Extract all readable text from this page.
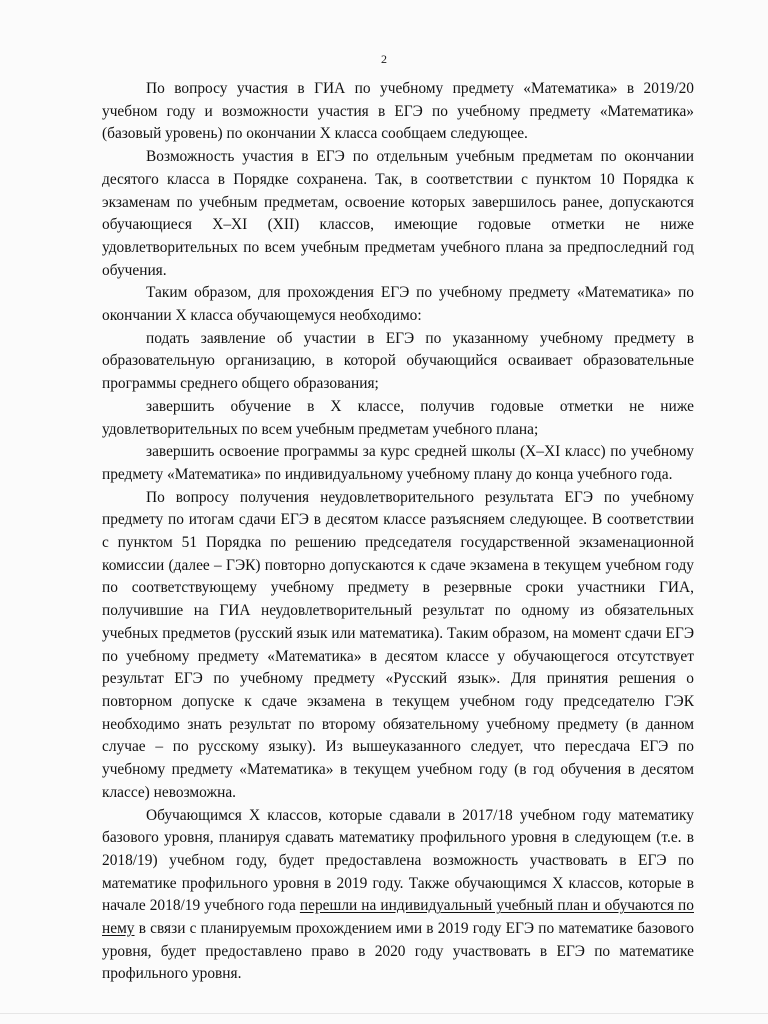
2

По вопросу участия в ГИА по учебному предмету «Математика» в 2019/20 учебном году и возможности участия в ЕГЭ по учебному предмету «Математика» (базовый уровень) по окончании X класса сообщаем следующее.

Возможность участия в ЕГЭ по отдельным учебным предметам по окончании десятого класса в Порядке сохранена. Так, в соответствии с пунктом 10 Порядка к экзаменам по учебным предметам, освоение которых завершилось ранее, допускаются обучающиеся X–XI (XII) классов, имеющие годовые отметки не ниже удовлетворительных по всем учебным предметам учебного плана за предпоследний год обучения.

Таким образом, для прохождения ЕГЭ по учебному предмету «Математика» по окончании X класса обучающемуся необходимо:

подать заявление об участии в ЕГЭ по указанному учебному предмету в образовательную организацию, в которой обучающийся осваивает образовательные программы среднего общего образования;

завершить обучение в X классе, получив годовые отметки не ниже удовлетворительных по всем учебным предметам учебного плана;

завершить освоение программы за курс средней школы (X–XI класс) по учебному предмету «Математика» по индивидуальному учебному плану до конца учебного года.

По вопросу получения неудовлетворительного результата ЕГЭ по учебному предмету по итогам сдачи ЕГЭ в десятом классе разъясняем следующее. В соответствии с пунктом 51 Порядка по решению председателя государственной экзаменационной комиссии (далее – ГЭК) повторно допускаются к сдаче экзамена в текущем учебном году по соответствующему учебному предмету в резервные сроки участники ГИА, получившие на ГИА неудовлетворительный результат по одному из обязательных учебных предметов (русский язык или математика). Таким образом, на момент сдачи ЕГЭ по учебному предмету «Математика» в десятом классе у обучающегося отсутствует результат ЕГЭ по учебному предмету «Русский язык». Для принятия решения о повторном допуске к сдаче экзамена в текущем учебном году председателю ГЭК необходимо знать результат по второму обязательному учебному предмету (в данном случае – по русскому языку). Из вышеуказанного следует, что пересдача ЕГЭ по учебному предмету «Математика» в текущем учебном году (в год обучения в десятом классе) невозможна.

Обучающимся X классов, которые сдавали в 2017/18 учебном году математику базового уровня, планируя сдавать математику профильного уровня в следующем (т.е. в 2018/19) учебном году, будет предоставлена возможность участвовать в ЕГЭ по математике профильного уровня в 2019 году. Также обучающимся X классов, которые в начале 2018/19 учебного года перешли на индивидуальный учебный план и обучаются по нему в связи с планируемым прохождением ими в 2019 году ЕГЭ по математике базового уровня, будет предоставлено право в 2020 году участвовать в ЕГЭ по математике профильного уровня.
